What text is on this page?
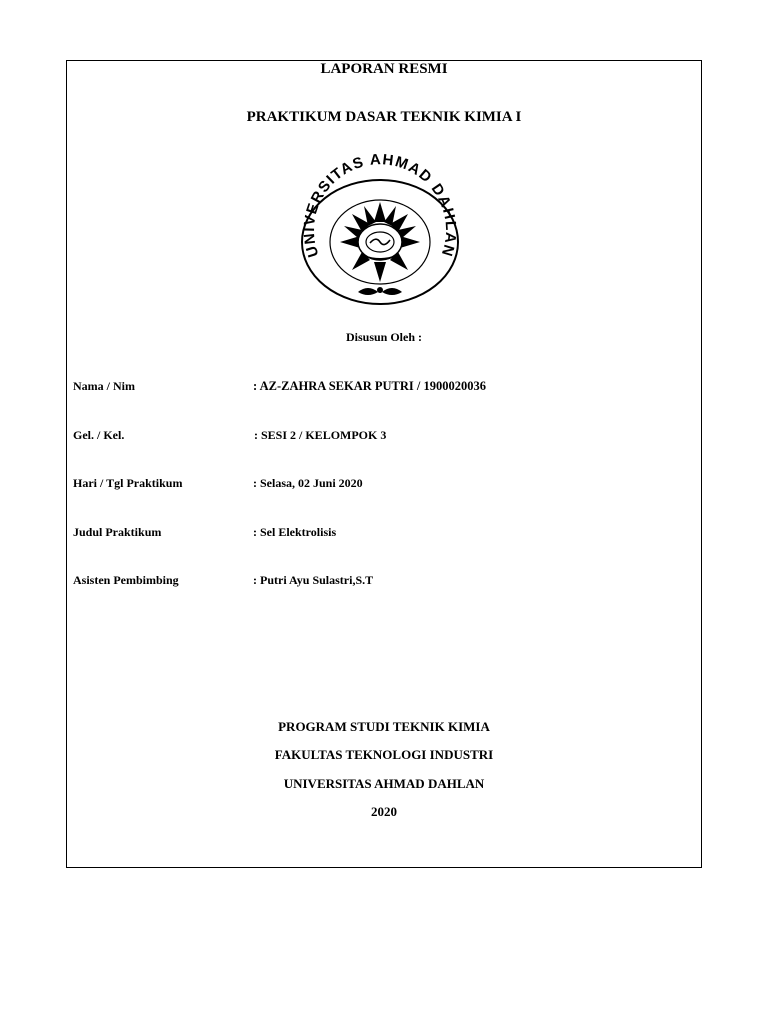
LAPORAN RESMI
PRAKTIKUM DASAR TEKNIK KIMIA I
UNIVERSITAS AHMAD DAHLAN
Disusun Oleh :
Nama / Nim	: AZ-ZAHRA SEKAR PUTRI / 1900020036
Gel. / Kel.	: SESI 2 / KELOMPOK 3
Hari / Tgl Praktikum	: Selasa, 02 Juni 2020
Judul Praktikum	: Sel Elektrolisis
Asisten Pembimbing	: Putri Ayu Sulastri,S.T
PROGRAM STUDI TEKNIK KIMIA
FAKULTAS TEKNOLOGI INDUSTRI
UNIVERSITAS AHMAD DAHLAN
2020
